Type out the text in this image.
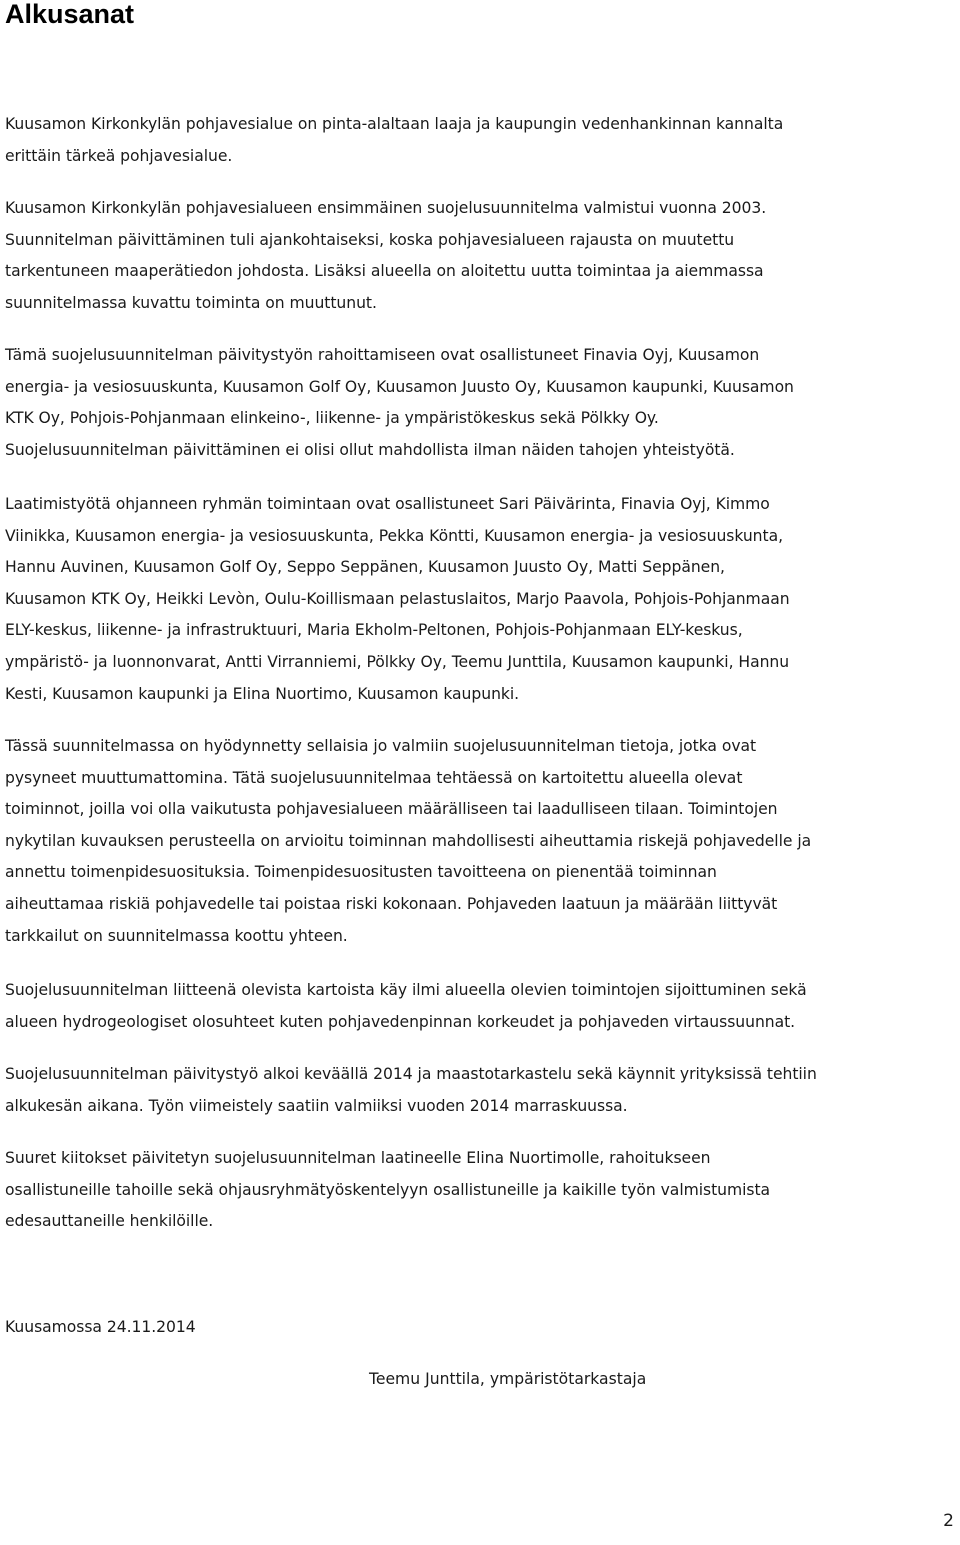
Alkusanat

Kuusamon Kirkonkylän pohjavesialue on pinta-alaltaan laaja ja kaupungin vedenhankinnan kannalta
erittäin tärkeä pohjavesialue.

Kuusamon Kirkonkylän pohjavesialueen ensimmäinen suojelusuunnitelma valmistui vuonna 2003.
Suunnitelman päivittäminen tuli ajankohtaiseksi, koska pohjavesialueen rajausta on muutettu
tarkentuneen maaperätiedon johdosta. Lisäksi alueella on aloitettu uutta toimintaa ja aiemmassa
suunnitelmassa kuvattu toiminta on muuttunut.

Tämä suojelusuunnitelman päivitystyön rahoittamiseen ovat osallistuneet Finavia Oyj, Kuusamon
energia- ja vesiosuuskunta, Kuusamon Golf Oy, Kuusamon Juusto Oy, Kuusamon kaupunki, Kuusamon
KTK Oy, Pohjois-Pohjanmaan elinkeino-, liikenne- ja ympäristökeskus sekä Pölkky Oy.
Suojelusuunnitelman päivittäminen ei olisi ollut mahdollista ilman näiden tahojen yhteistyötä.

Laatimistyötä ohjanneen ryhmän toimintaan ovat osallistuneet Sari Päivärinta, Finavia Oyj, Kimmo
Viinikka, Kuusamon energia- ja vesiosuuskunta, Pekka Köntti, Kuusamon energia- ja vesiosuuskunta,
Hannu Auvinen, Kuusamon Golf Oy, Seppo Seppänen, Kuusamon Juusto Oy, Matti Seppänen,
Kuusamon KTK Oy, Heikki Levòn, Oulu-Koillismaan pelastuslaitos, Marjo Paavola, Pohjois-Pohjanmaan
ELY-keskus, liikenne- ja infrastruktuuri, Maria Ekholm-Peltonen, Pohjois-Pohjanmaan ELY-keskus,
ympäristö- ja luonnonvarat, Antti Virranniemi, Pölkky Oy, Teemu Junttila, Kuusamon kaupunki, Hannu
Kesti, Kuusamon kaupunki ja Elina Nuortimo, Kuusamon kaupunki.

Tässä suunnitelmassa on hyödynnetty sellaisia jo valmiin suojelusuunnitelman tietoja, jotka ovat
pysyneet muuttumattomina. Tätä suojelusuunnitelmaa tehtäessä on kartoitettu alueella olevat
toiminnot, joilla voi olla vaikutusta pohjavesialueen määrälliseen tai laadulliseen tilaan. Toimintojen
nykytilan kuvauksen perusteella on arvioitu toiminnan mahdollisesti aiheuttamia riskejä pohjavedelle ja
annettu toimenpidesuosituksia. Toimenpidesuositusten tavoitteena on pienentää toiminnan
aiheuttamaa riskiä pohjavedelle tai poistaa riski kokonaan. Pohjaveden laatuun ja määrään liittyvät
tarkkailut on suunnitelmassa koottu yhteen.

Suojelusuunnitelman liitteenä olevista kartoista käy ilmi alueella olevien toimintojen sijoittuminen sekä
alueen hydrogeologiset olosuhteet kuten pohjavedenpinnan korkeudet ja pohjaveden virtaussuunnat.

Suojelusuunnitelman päivitystyö alkoi keväällä 2014 ja maastotarkastelu sekä käynnit yrityksissä tehtiin
alkukesän aikana. Työn viimeistely saatiin valmiiksi vuoden 2014 marraskuussa.

Suuret kiitokset päivitetyn suojelusuunnitelman laatineelle Elina Nuortimolle, rahoitukseen
osallistuneille tahoille sekä ohjausryhmätyöskentelyyn osallistuneille ja kaikille työn valmistumista
edesauttaneille henkilöille.

Kuusamossa 24.11.2014

Teemu Junttila, ympäristötarkastaja

2
